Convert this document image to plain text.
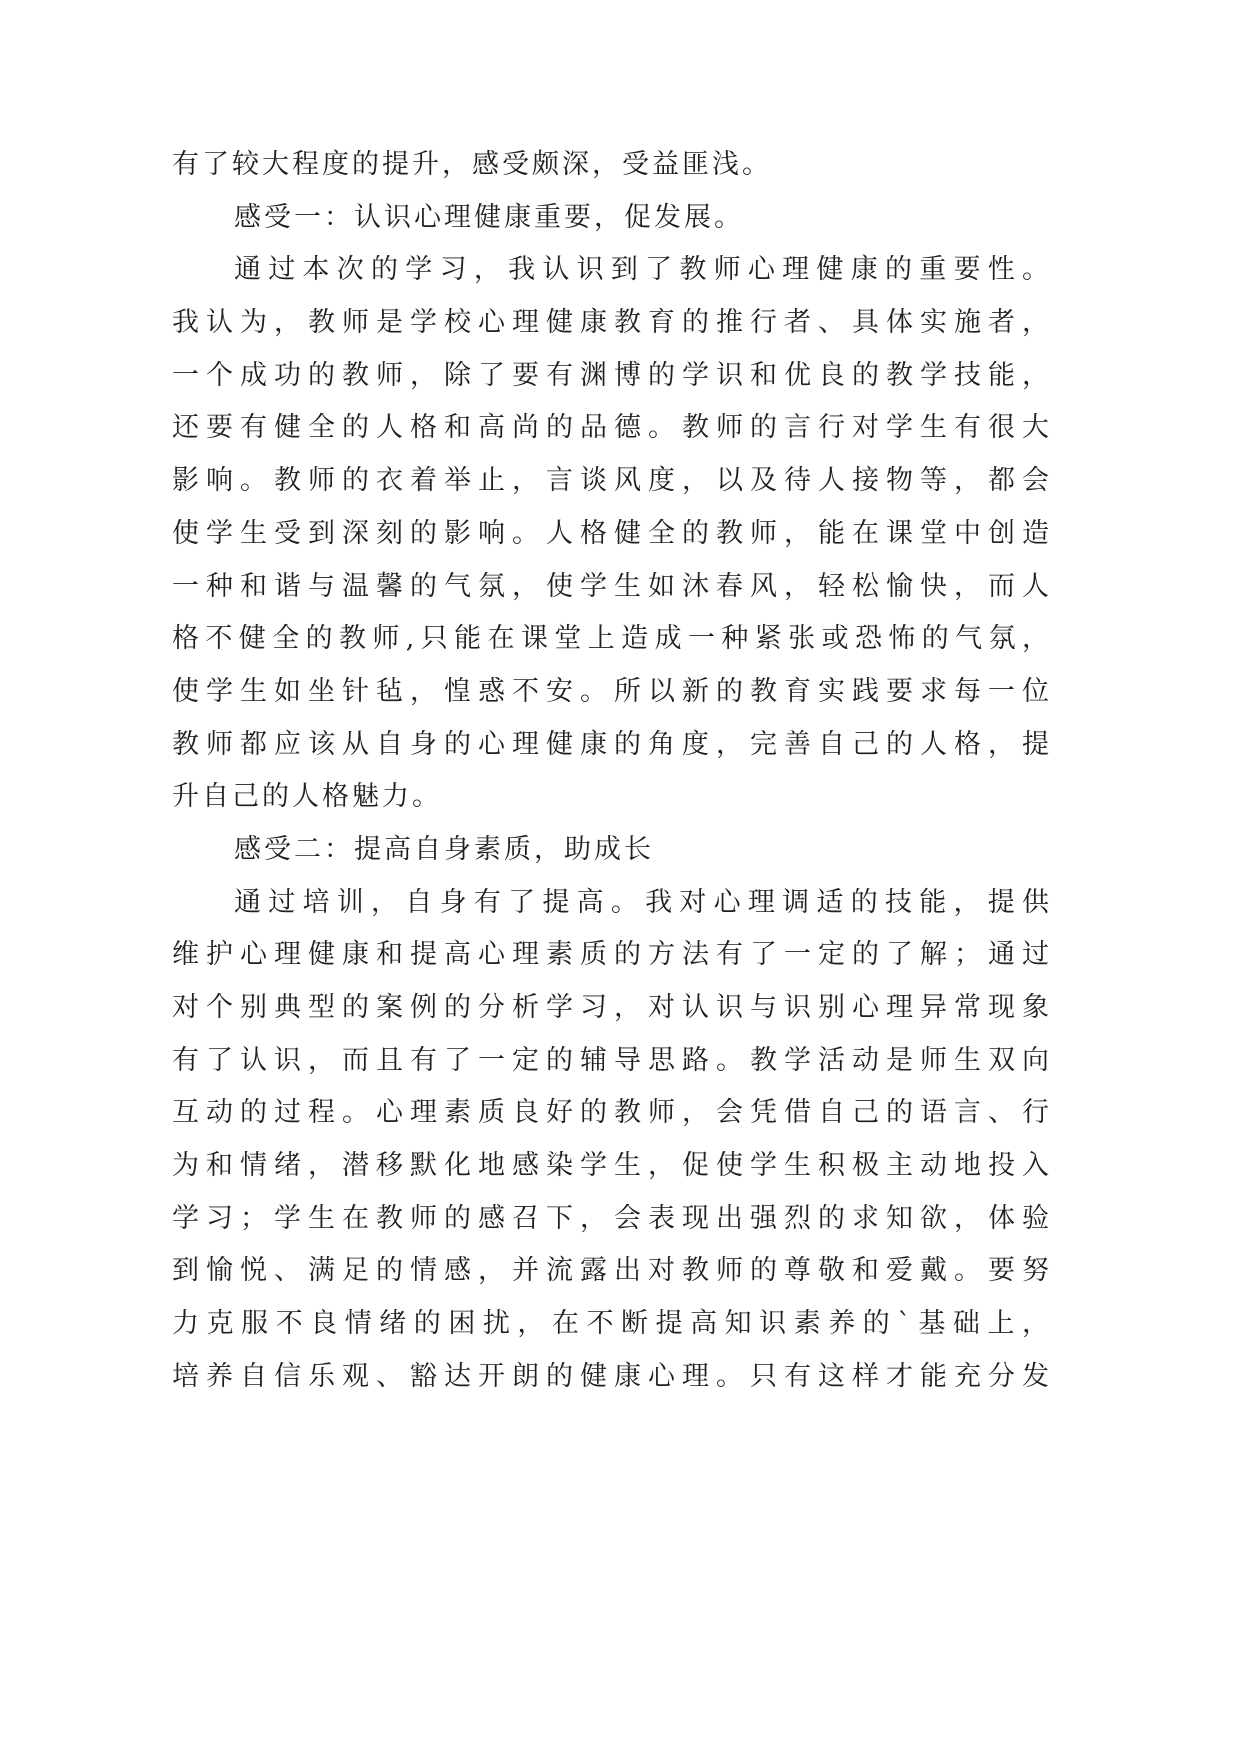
有了较大程度的提升，感受颇深，受益匪浅。
感受一：认识心理健康重要，促发展。
通过本次的学习，我认识到了教师心理健康的重要性。
我认为，教师是学校心理健康教育的推行者、具体实施者，
一个成功的教师，除了要有渊博的学识和优良的教学技能，
还要有健全的人格和高尚的品德。教师的言行对学生有很大
影响。教师的衣着举止，言谈风度，以及待人接物等，都会
使学生受到深刻的影响。人格健全的教师，能在课堂中创造
一种和谐与温馨的气氛，使学生如沐春风，轻松愉快，而人
格不健全的教师,只能在课堂上造成一种紧张或恐怖的气氛，
使学生如坐针毡，惶惑不安。所以新的教育实践要求每一位
教师都应该从自身的心理健康的角度，完善自己的人格，提
升自己的人格魅力。
感受二：提高自身素质，助成长
通过培训，自身有了提高。我对心理调适的技能，提供
维护心理健康和提高心理素质的方法有了一定的了解；通过
对个别典型的案例的分析学习，对认识与识别心理异常现象
有了认识，而且有了一定的辅导思路。教学活动是师生双向
互动的过程。心理素质良好的教师，会凭借自己的语言、行
为和情绪，潜移默化地感染学生，促使学生积极主动地投入
学习；学生在教师的感召下，会表现出强烈的求知欲，体验
到愉悦、满足的情感，并流露出对教师的尊敬和爱戴。要努
力克服不良情绪的困扰，在不断提高知识素养的`基础上，
培养自信乐观、豁达开朗的健康心理。只有这样才能充分发
